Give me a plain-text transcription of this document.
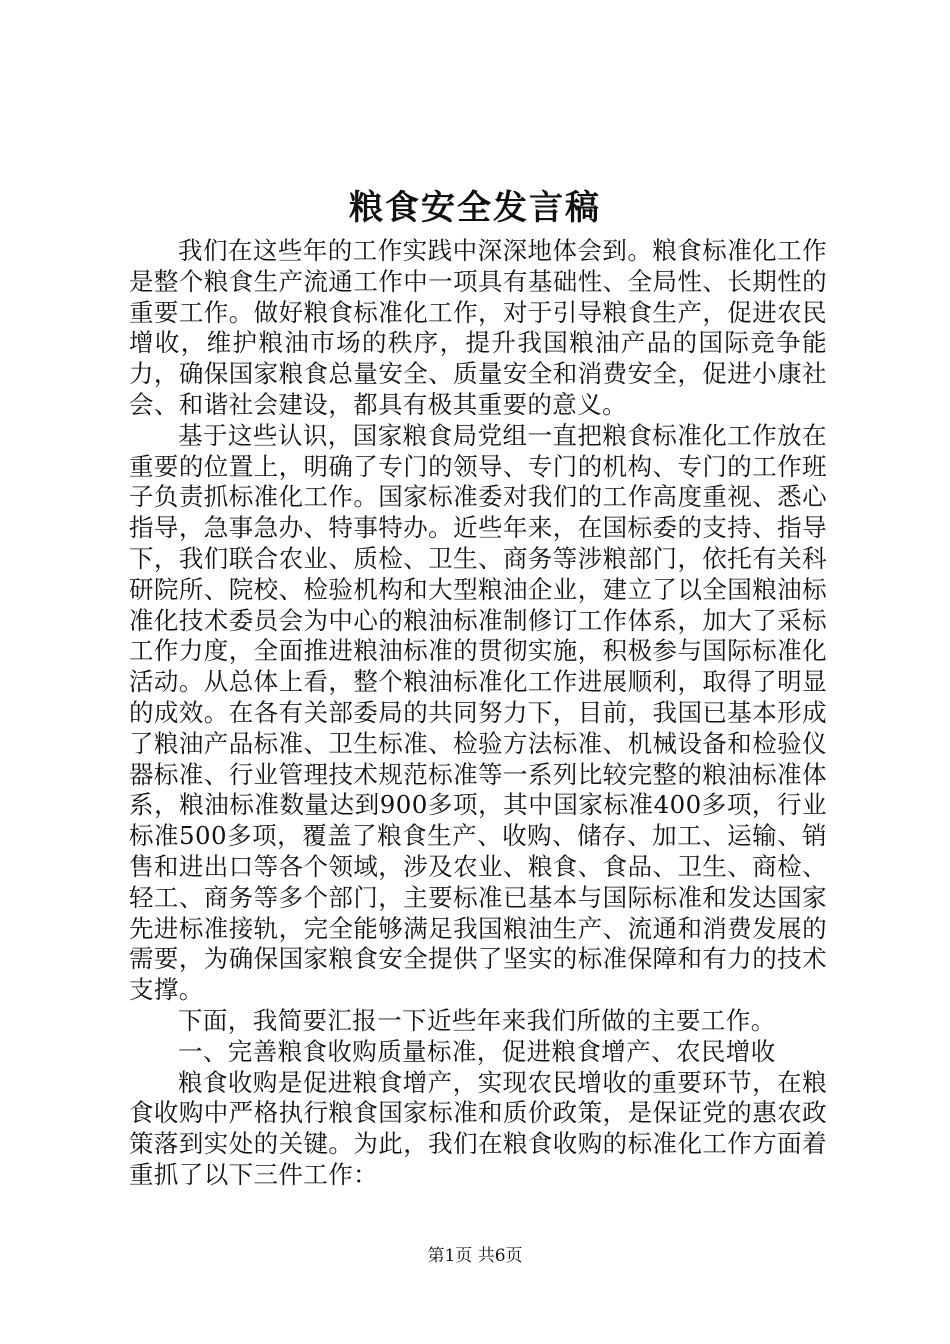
粮食安全发言稿

我们在这些年的工作实践中深深地体会到。粮食标准化工作是整个粮食生产流通工作中一项具有基础性、全局性、长期性的重要工作。做好粮食标准化工作，对于引导粮食生产，促进农民增收，维护粮油市场的秩序，提升我国粮油产品的国际竞争能力，确保国家粮食总量安全、质量安全和消费安全，促进小康社会、和谐社会建设，都具有极其重要的意义。

基于这些认识，国家粮食局党组一直把粮食标准化工作放在重要的位置上，明确了专门的领导、专门的机构、专门的工作班子负责抓标准化工作。国家标准委对我们的工作高度重视、悉心指导，急事急办、特事特办。近些年来，在国标委的支持、指导下，我们联合农业、质检、卫生、商务等涉粮部门，依托有关科研院所、院校、检验机构和大型粮油企业，建立了以全国粮油标准化技术委员会为中心的粮油标准制修订工作体系，加大了采标工作力度，全面推进粮油标准的贯彻实施，积极参与国际标准化活动。从总体上看，整个粮油标准化工作进展顺利，取得了明显的成效。在各有关部委局的共同努力下，目前，我国已基本形成了粮油产品标准、卫生标准、检验方法标准、机械设备和检验仪器标准、行业管理技术规范标准等一系列比较完整的粮油标准体系，粮油标准数量达到900多项，其中国家标准400多项，行业标准500多项，覆盖了粮食生产、收购、储存、加工、运输、销售和进出口等各个领域，涉及农业、粮食、食品、卫生、商检、轻工、商务等多个部门，主要标准已基本与国际标准和发达国家先进标准接轨，完全能够满足我国粮油生产、流通和消费发展的需要，为确保国家粮食安全提供了坚实的标准保障和有力的技术支撑。

下面，我简要汇报一下近些年来我们所做的主要工作。

一、完善粮食收购质量标准，促进粮食增产、农民增收

粮食收购是促进粮食增产，实现农民增收的重要环节，在粮食收购中严格执行粮食国家标准和质价政策，是保证党的惠农政策落到实处的关键。为此，我们在粮食收购的标准化工作方面着重抓了以下三件工作：

第1页 共6页
